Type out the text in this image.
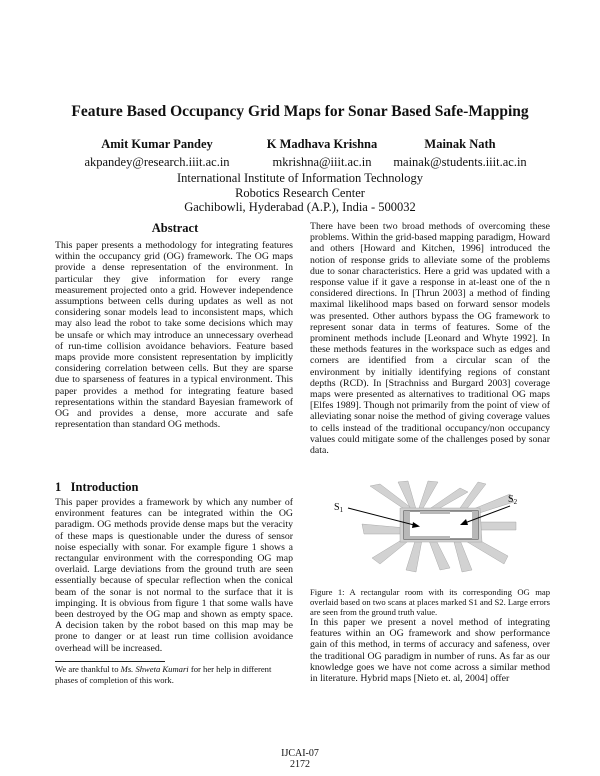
Feature Based Occupancy Grid Maps for Sonar Based Safe-Mapping
Amit Kumar Pandey
akpandey@research.iiit.ac.in
K Madhava Krishna
mkrishna@iiit.ac.in
Mainak Nath
mainak@students.iiit.ac.in
International Institute of Information Technology
Robotics Research Center
Gachibowli, Hyderabad (A.P.), India - 500032
Abstract

This paper presents a methodology for integrating features within the occupancy grid (OG) framework. The OG maps provide a dense representation of the environment. In particular they give information for every range measurement projected onto a grid. However independence assumptions between cells during updates as well as not considering sonar models lead to inconsistent maps, which may also lead the robot to take some decisions which may be unsafe or which may introduce an unnecessary overhead of run-time collision avoidance behaviors. Feature based maps provide more consistent representation by implicitly considering correlation between cells. But they are sparse due to sparseness of features in a typical environment. This paper provides a method for integrating feature based representations within the standard Bayesian framework of OG and provides a dense, more accurate and safe representation than standard OG methods.

1 Introduction

This paper provides a framework by which any number of environment features can be integrated within the OG paradigm. OG methods provide dense maps but the veracity of these maps is questionable under the duress of sensor noise especially with sonar. For example figure 1 shows a rectangular environment with the corresponding OG map overlaid. Large deviations from the ground truth are seen essentially because of specular reflection when the conical beam of the sonar is not normal to the surface that it is impinging. It is obvious from figure 1 that some walls have been destroyed by the OG map and shown as empty space. A decision taken by the robot based on this map may be prone to danger or at least run time collision avoidance overhead will be increased.

We are thankful to Ms. Shweta Kumari for her help in different phases of completion of this work.

There have been two broad methods of overcoming these problems. Within the grid-based mapping paradigm, Howard and others [Howard and Kitchen, 1996] introduced the notion of response grids to alleviate some of the problems due to sonar characteristics. Here a grid was updated with a response value if it gave a response in at-least one of the n considered directions. In [Thrun 2003] a method of finding maximal likelihood maps based on forward sensor models was presented. Other authors bypass the OG framework to represent sonar data in terms of features. Some of the prominent methods include [Leonard and Whyte 1992]. In these methods features in the workspace such as edges and corners are identified from a circular scan of the environment by initially identifying regions of constant depths (RCD). In [Strachniss and Burgard 2003] coverage maps were presented as alternatives to traditional OG maps [Elfes 1989]. Though not primarily from the point of view of alleviating sonar noise the method of giving coverage values to cells instead of the traditional occupancy/non occupancy values could mitigate some of the challenges posed by sonar data.

$S_1$
$S_2$

Figure 1: A rectangular room with its corresponding OG map overlaid based on two scans at places marked S1 and S2. Large errors are seen from the ground truth value.

In this paper we present a novel method of integrating features within an OG framework and show performance gain of this method, in terms of accuracy and safeness, over the traditional OG paradigm in number of runs. As far as our knowledge goes we have not come across a similar method in literature. Hybrid maps [Nieto et. al, 2004] offer

IJCAI-07
2172
